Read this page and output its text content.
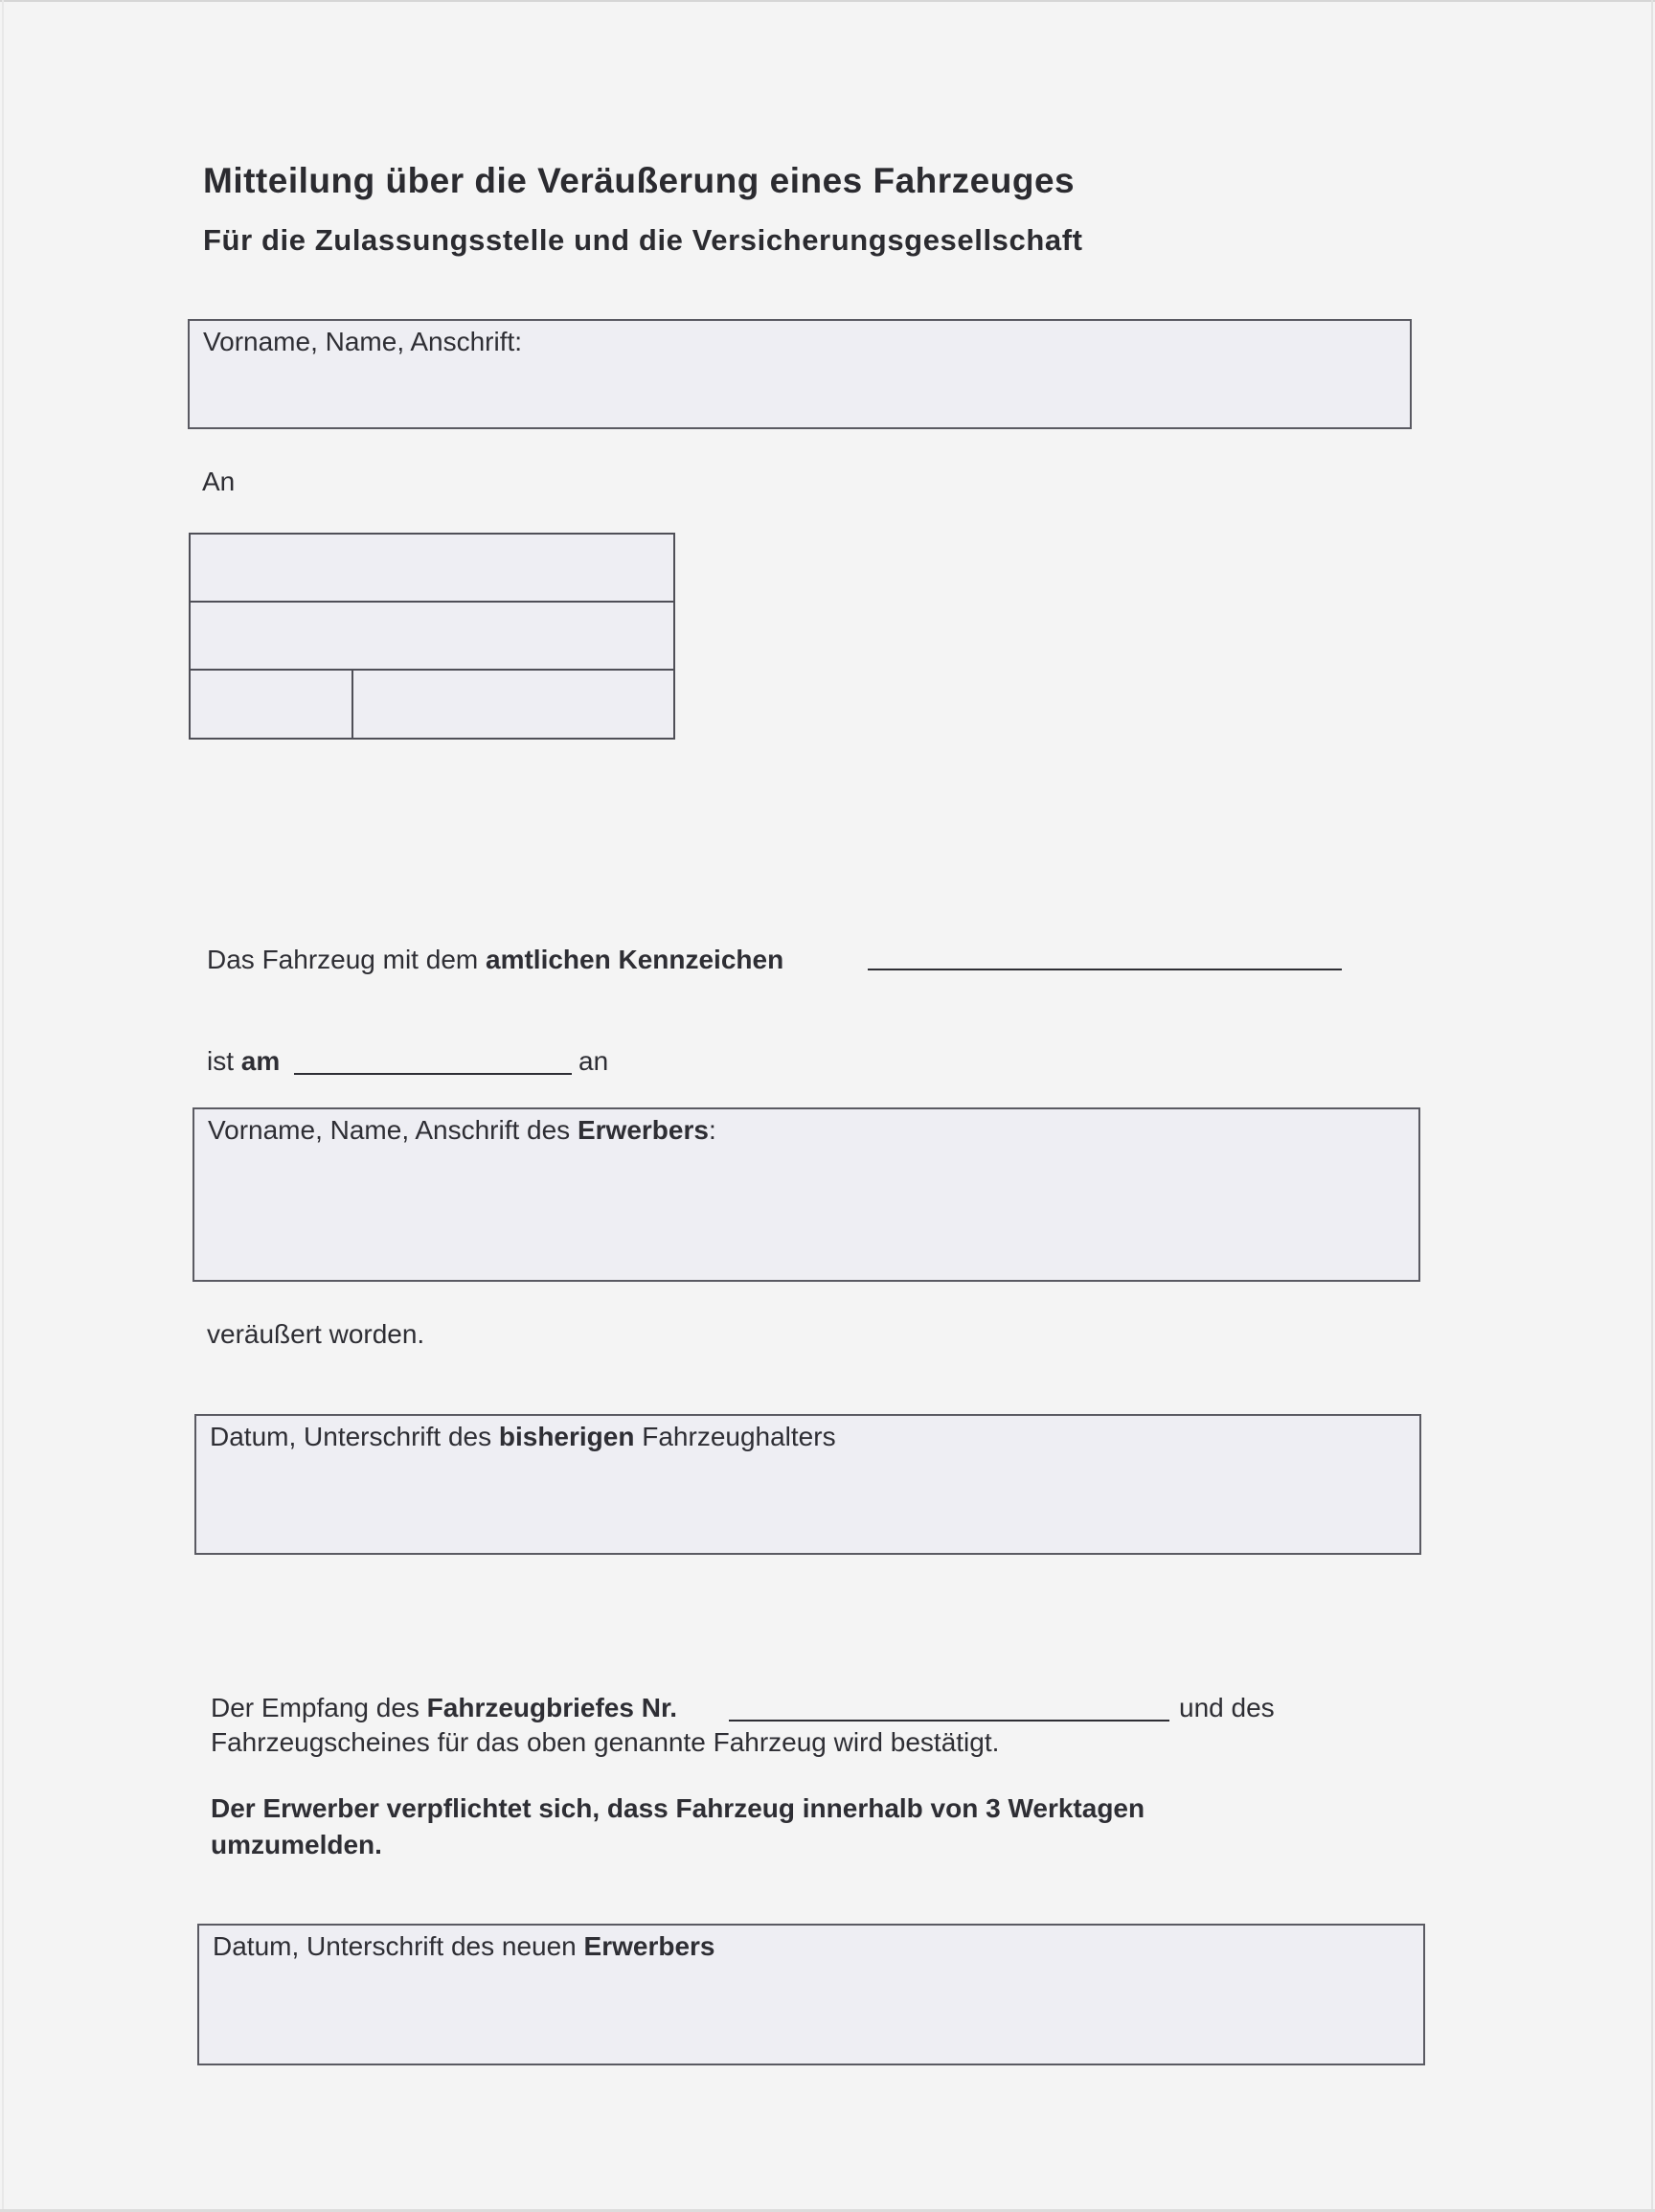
Mitteilung über die Veräußerung eines Fahrzeuges
Für die Zulassungsstelle und die Versicherungsgesellschaft
Vorname, Name, Anschrift:
An
Das Fahrzeug mit dem amtlichen Kennzeichen
ist am	an
Vorname, Name, Anschrift des Erwerbers:
veräußert worden.
Datum, Unterschrift des bisherigen Fahrzeughalters
Der Empfang des Fahrzeugbriefes Nr.	und des
Fahrzeugscheines für das oben genannte Fahrzeug wird bestätigt.
Der Erwerber verpflichtet sich, dass Fahrzeug innerhalb von 3 Werktagen
umzumelden.
Datum, Unterschrift des neuen Erwerbers
